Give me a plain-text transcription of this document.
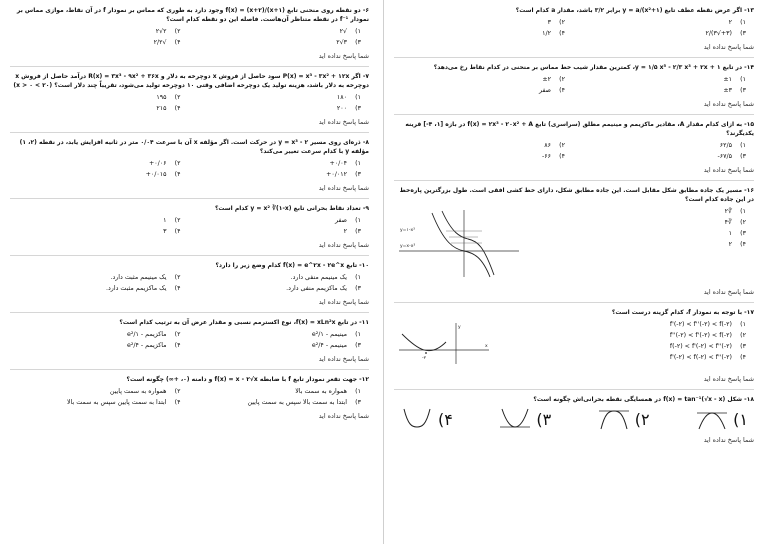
۶- دو نقطه روی منحنی تابع f(x) = (x+۲)/(x+۱) وجود دارد به طوری که مماس بر نمودار f در آن نقاط، موازی مماس بر نمودار f⁻¹ در نقطه متناظر آن‌هاست. فاصله این دو نقطه کدام است؟
۱)
√۲
۲)
۲√۲
۳)
۳√۲
۴)
√۲/۲
شما پاسخ نداده اید
۷- اگر P(x) = x³ - ۳x² + ۱۲x سود حاصل از فروش x دوچرخه به دلار و R(x) = ۳x³ - ۹x² + ۳۶x درآمد حاصل از فروش x دوچرخه به دلار باشد، هزینه تولید یک دوچرخه اضافی وقتی ۱۰ دوچرخه تولید می‌شود، تقریباً چند دلار است؟ (۲۰ > x > ۰)
۱)
۱۸۰
۲)
۱۹۵
۳)
۲۰۰
۴)
۲۱۵
شما پاسخ نداده اید
۸- ذره‌ای روی مسیر y = x³ - ۲ در حرکت است. اگر مؤلفه x آن با سرعت ۰/۰۴ متر در ثانیه افزایش یابد، در نقطه (۲، ۱) مؤلفه y با کدام سرعت تغییر می‌کند؟
۱)
۰/۰۴+
۲)
۰/۰۶+
۳)
۰/۰۱۲+
۴)
۰/۰۱۵+
شما پاسخ نداده اید
۹- تعداد نقاط بحرانی تابع y = x² ∛(۱-x) کدام است؟
۱)
صفر
۲)
۱
۳)
۲
۴)
۳
شما پاسخ نداده اید
۱۰- تابع f(x) = e^۲x - ۲e^x کدام وضع زیر را دارد؟
۱)
یک مینیمم منفی دارد.
۲)
یک مینیمم مثبت دارد.
۳)
یک ماکزیمم منفی دارد.
۴)
یک ماکزیمم مثبت دارد.
شما پاسخ نداده اید
۱۱- در تابع f(x) = xLn²x، نوع اکسترمم نسبی و مقدار عرض آن به ترتیب کدام است؟
۱)
مینیمم - ۱/e²
۲)
ماکزیمم - ۱/e²
۳)
مینیمم - ۴/e²
۴)
ماکزیمم - ۴/e²
شما پاسخ نداده اید
۱۲- جهت تقعر نمودار تابع f با ضابطه f(x) = x - ۲√x و دامنه (۰، +∞) چگونه است؟
۱)
همواره به سمت بالا
۲)
همواره به سمت پایین
۳)
ابتدا به سمت بالا سپس به سمت پایین
۴)
ابتدا به سمت پایین سپس به سمت بالا
شما پاسخ نداده اید
۱۳- اگر عرض نقطه عطف تابع y = a/(x²+۱) برابر ۳/۲ باشد، مقدار a کدام است؟
۱)
۲
۲)
۳
۳)
(۳+√۳)/۲
۴)
۱/۲
شما پاسخ نداده اید
۱۴- در تابع y = ۱/۵ x⁵ - ۲/۳ x³ + ۲x + ۱، کمترین مقدار شیب خط مماس بر منحنی در کدام نقاط رخ می‌دهد؟
۱)
±۱
۲)
±۲
۳)
±۳
۴)
صفر
شما پاسخ نداده اید
۱۵- به ازای کدام مقدار A، مقادیر ماکزیمم و مینیمم مطلق (سراسری) تابع f(x) = ۲x³ - ۲۰x² + A در بازه [۱، ۴-] قرینه یکدیگرند؟
۱)
۶۲/۵
۲)
۸۶
۳)
۶۷/۵-
۴)
۶۶-
شما پاسخ نداده اید
۱۶- مسیر یک جاده مطابق شکل مقابل است. این جاده مطابق شکل، دارای خط کشی افقی است. طول بزرگترین پاره‌خط در این جاده کدام است؟
۱)
∜۲
۲)
∛۴
۳)
۱
۴)
۲
y=۱-x³
y=x-x³
شما پاسخ نداده اید
۱۷- با توجه به نمودار f، کدام گزینه درست است؟
۱)
f'(-۲) < f''(-۲) < f(-۲)
۲)
f''(-۲) < f'(-۲) < f(-۲)
۳)
f(-۲) < f'(-۲) < f''(-۲)
۴)
f'(-۲) < f(-۲) < f''(-۲)
-۲
y
x
شما پاسخ نداده اید
۱۸- شکل f(x) = tan⁻¹(√x - x) در همسایگی نقطه بحرانی‌اش چگونه است؟
۱)
۲)
۳)
۴)
شما پاسخ نداده اید
